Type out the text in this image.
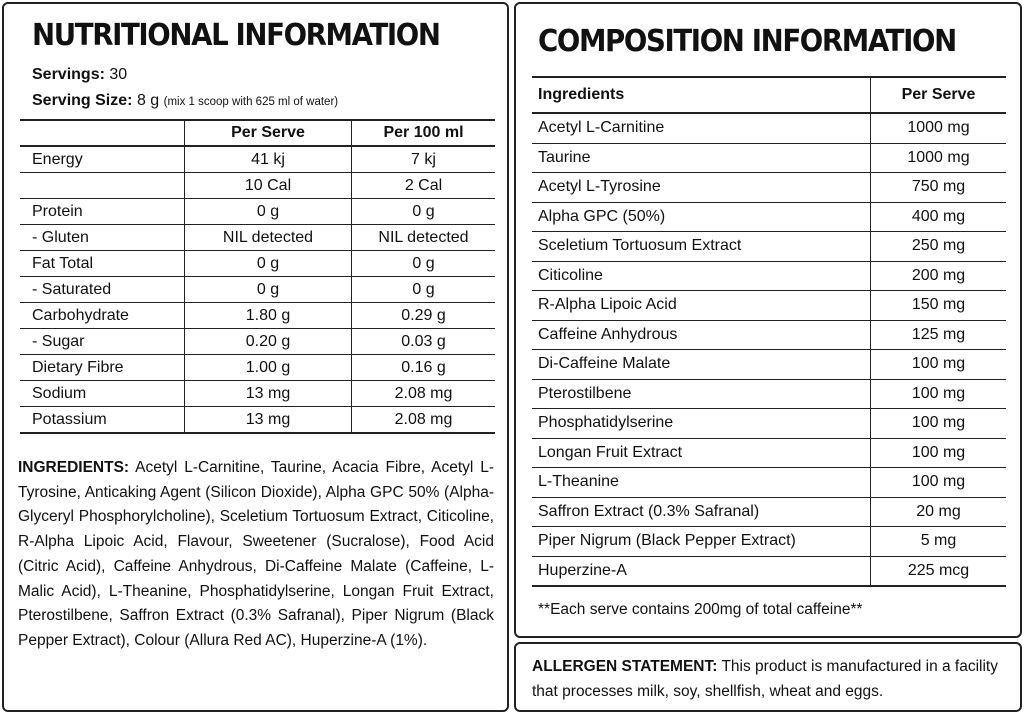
NUTRITIONAL INFORMATION
Servings: 30
Serving Size: 8 g (mix 1 scoop with 625 ml of water)
	Per Serve	Per 100 ml
Energy	41 kj	7 kj
	10 Cal	2 Cal
Protein	0 g	0 g
- Gluten	NIL detected	NIL detected
Fat Total	0 g	0 g
- Saturated	0 g	0 g
Carbohydrate	1.80 g	0.29 g
- Sugar	0.20 g	0.03 g
Dietary Fibre	1.00 g	0.16 g
Sodium	13 mg	2.08 mg
Potassium	13 mg	2.08 mg
INGREDIENTS: Acetyl L-Carnitine, Taurine, Acacia Fibre, Acetyl L-Tyrosine, Anticaking Agent (Silicon Dioxide), Alpha GPC 50% (Alpha-Glyceryl Phosphorylcholine), Sceletium Tortuosum Extract, Citicoline, R-Alpha Lipoic Acid, Flavour, Sweetener (Sucralose), Food Acid (Citric Acid), Caffeine Anhydrous, Di-Caffeine Malate (Caffeine, L-Malic Acid), L-Theanine, Phosphatidylserine, Longan Fruit Extract, Pterostilbene, Saffron Extract (0.3% Safranal), Piper Nigrum (Black Pepper Extract), Colour (Allura Red AC), Huperzine-A (1%).
COMPOSITION INFORMATION
Ingredients	Per Serve
Acetyl L-Carnitine	1000 mg
Taurine	1000 mg
Acetyl L-Tyrosine	750 mg
Alpha GPC (50%)	400 mg
Sceletium Tortuosum Extract	250 mg
Citicoline	200 mg
R-Alpha Lipoic Acid	150 mg
Caffeine Anhydrous	125 mg
Di-Caffeine Malate	100 mg
Pterostilbene	100 mg
Phosphatidylserine	100 mg
Longan Fruit Extract	100 mg
L-Theanine	100 mg
Saffron Extract (0.3% Safranal)	20 mg
Piper Nigrum (Black Pepper Extract)	5 mg
Huperzine-A	225 mcg
**Each serve contains 200mg of total caffeine**
ALLERGEN STATEMENT: This product is manufactured in a facility that processes milk, soy, shellfish, wheat and eggs.
